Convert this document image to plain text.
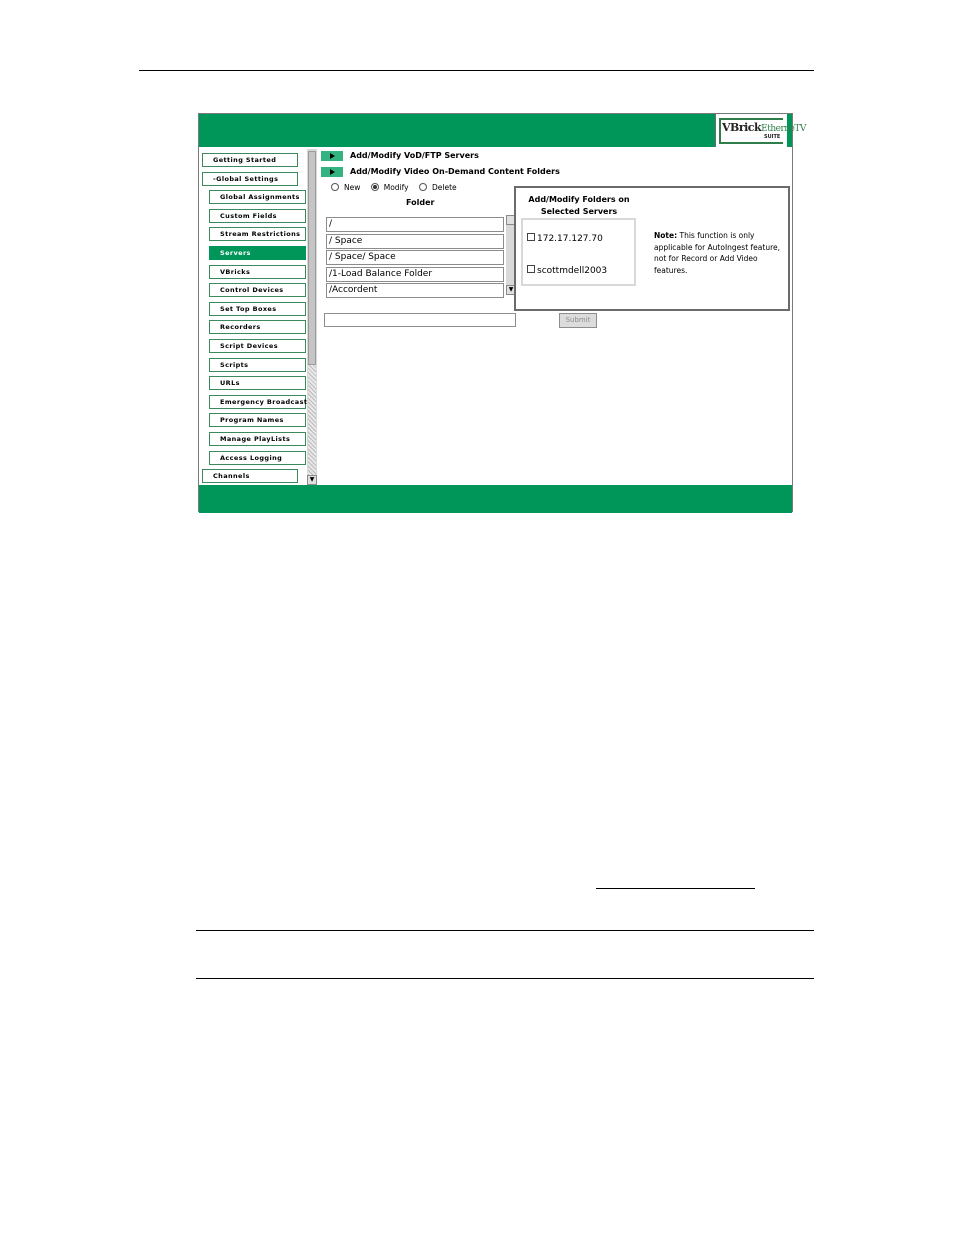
VBrickEtherneTV
SUITE
Getting Started
-Global Settings
Global Assignments
Custom Fields
Stream Restrictions
Servers
VBricks
Control Devices
Set Top Boxes
Recorders
Script Devices
Scripts
URLs
Emergency Broadcast
Program Names
Manage PlayLists
Access Logging
Channels	▼
Add/Modify VoD/FTP Servers
Add/Modify Video On-Demand Content Folders
New	Modify	Delete
Folder
/
/ Space
/ Space/ Space
/1-Load Balance Folder
/Accordent	▼
Submit
Add/Modify Folders on
Selected Servers
172.17.127.70
scottmdell2003
Note: This function is only
applicable for AutoIngest feature,
not for Record or Add Video
features.
